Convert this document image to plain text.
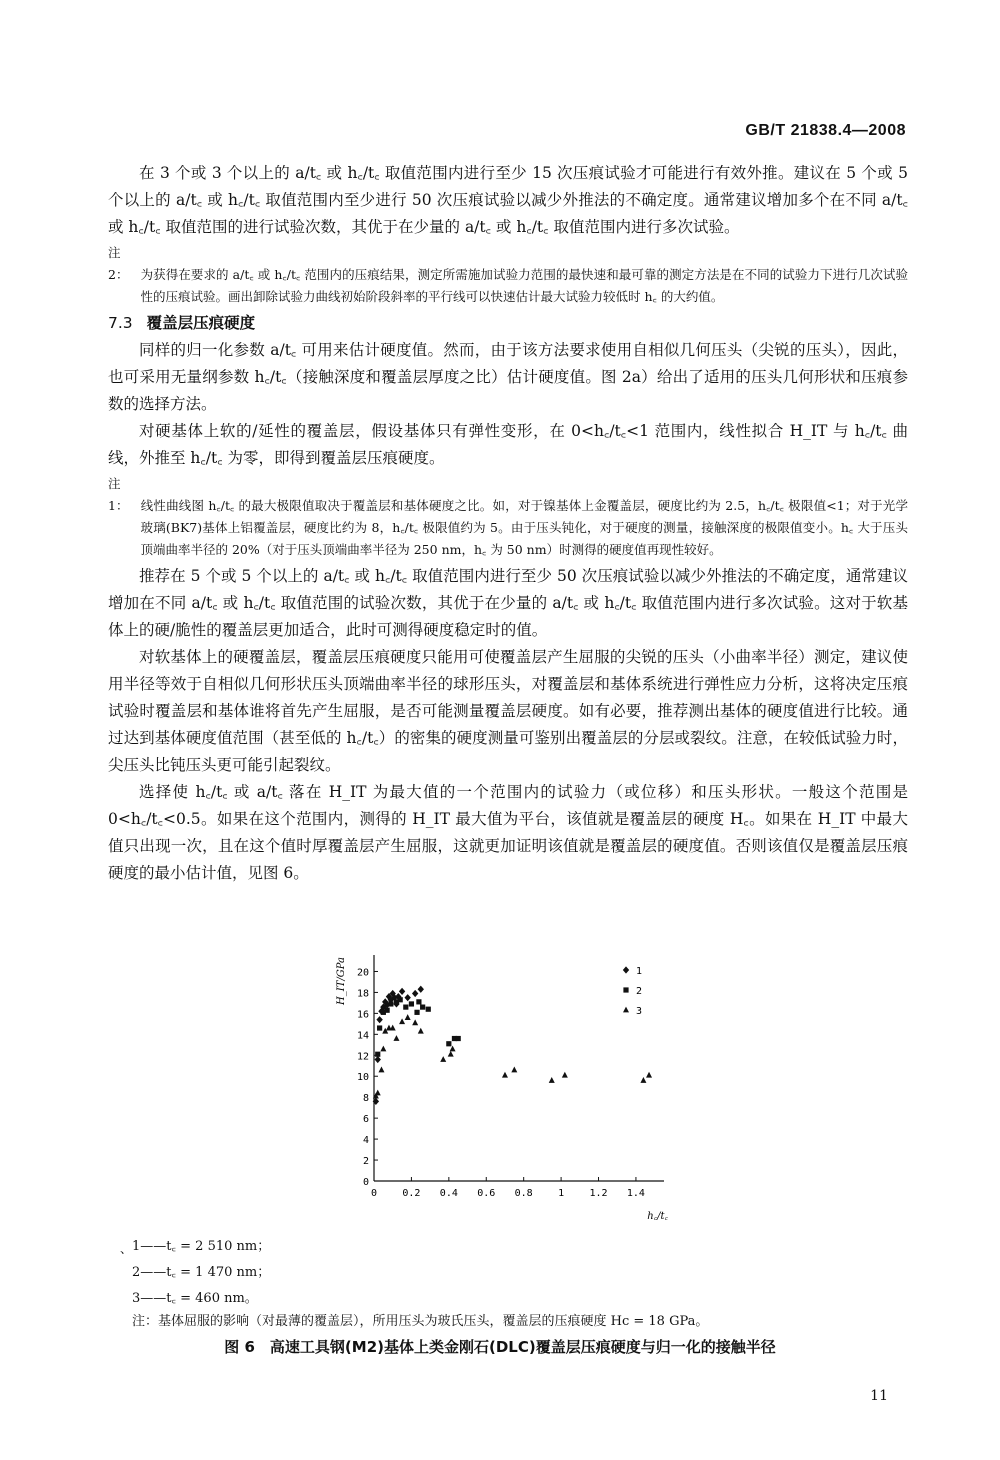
GB/T 21838.4—2008

在 3 个或 3 个以上的 a/t꜀ 或 h꜀/t꜀ 取值范围内进行至少 15 次压痕试验才可能进行有效外推。建议在 5 个或 5 个以上的 a/t꜀ 或 h꜀/t꜀ 取值范围内至少进行 50 次压痕试验以减少外推法的不确定度。通常建议增加多个在不同 a/t꜀ 或 h꜀/t꜀ 取值范围的进行试验次数，其优于在少量的 a/t꜀ 或 h꜀/t꜀ 取值范围内进行多次试验。

注 2： 为获得在要求的 a/t꜀ 或 h꜀/t꜀ 范围内的压痕结果，测定所需施加试验力范围的最快速和最可靠的测定方法是在不同的试验力下进行几次试验性的压痕试验。画出卸除试验力曲线初始阶段斜率的平行线可以快速估计最大试验力较低时 h꜀ 的大约值。
7.3 覆盖层压痕硬度

同样的归一化参数 a/t꜀ 可用来估计硬度值。然而，由于该方法要求使用自相似几何压头（尖锐的压头），因此，也可采用无量纲参数 h꜀/t꜀（接触深度和覆盖层厚度之比）估计硬度值。图 2a）给出了适用的压头几何形状和压痕参数的选择方法。

对硬基体上软的/延性的覆盖层，假设基体只有弹性变形，在 0<h꜀/t꜀<1 范围内，线性拟合 H_IT 与 h꜀/t꜀ 曲线，外推至 h꜀/t꜀ 为零，即得到覆盖层压痕硬度。

注 1： 线性曲线图 h꜀/t꜀ 的最大极限值取决于覆盖层和基体硬度之比。如，对于镍基体上金覆盖层，硬度比约为 2.5，h꜀/t꜀ 极限值<1；对于光学玻璃(BK7)基体上铝覆盖层，硬度比约为 8，h꜀/t꜀ 极限值约为 5。由于压头钝化，对于硬度的测量，接触深度的极限值变小。h꜀ 大于压头顶端曲率半径的 20%（对于压头顶端曲率半径为 250 nm，h꜀ 为 50 nm）时测得的硬度值再现性较好。

推荐在 5 个或 5 个以上的 a/t꜀ 或 h꜀/t꜀ 取值范围内进行至少 50 次压痕试验以减少外推法的不确定度，通常建议增加在不同 a/t꜀ 或 h꜀/t꜀ 取值范围的试验次数，其优于在少量的 a/t꜀ 或 h꜀/t꜀ 取值范围内进行多次试验。这对于软基体上的硬/脆性的覆盖层更加适合，此时可测得硬度稳定时的值。

对软基体上的硬覆盖层，覆盖层压痕硬度只能用可使覆盖层产生屈服的尖锐的压头（小曲率半径）测定，建议使用半径等效于自相似几何形状压头顶端曲率半径的球形压头，对覆盖层和基体系统进行弹性应力分析，这将决定压痕试验时覆盖层和基体谁将首先产生屈服，是否可能测量覆盖层硬度。如有必要，推荐测出基体的硬度值进行比较。通过达到基体硬度值范围（甚至低的 h꜀/t꜀）的密集的硬度测量可鉴别出覆盖层的分层或裂纹。注意，在较低试验力时，尖压头比钝压头更可能引起裂纹。

选择使 h꜀/t꜀ 或 a/t꜀ 落在 H_IT 为最大值的一个范围内的试验力（或位移）和压头形状。一般这个范围是 0<h꜀/t꜀<0.5。如果在这个范围内，测得的 H_IT 最大值为平台，该值就是覆盖层的硬度 H꜀。如果在 H_IT 中最大值只出现一次，且在这个值时厚覆盖层产生屈服，这就更加证明该值就是覆盖层的硬度值。否则该值仅是覆盖层压痕硬度的最小估计值，见图 6。

0
2
4
6
8
10
12
14
16
18
20
0	0.2 0.4 0.6 0.8	1	1.2 1.4
H_IT/GPa
h꜀/t꜀
1
2
3
、 1——t꜀ = 2 510 nm；
2——t꜀ = 1 470 nm；
3——t꜀ = 460 nm。
注：基体屈服的影响（对最薄的覆盖层），所用压头为玻氏压头，覆盖层的压痕硬度 Hc = 18 GPa。
图 6　高速工具钢(M2)基体上类金刚石(DLC)覆盖层压痕硬度与归一化的接触半径
11
